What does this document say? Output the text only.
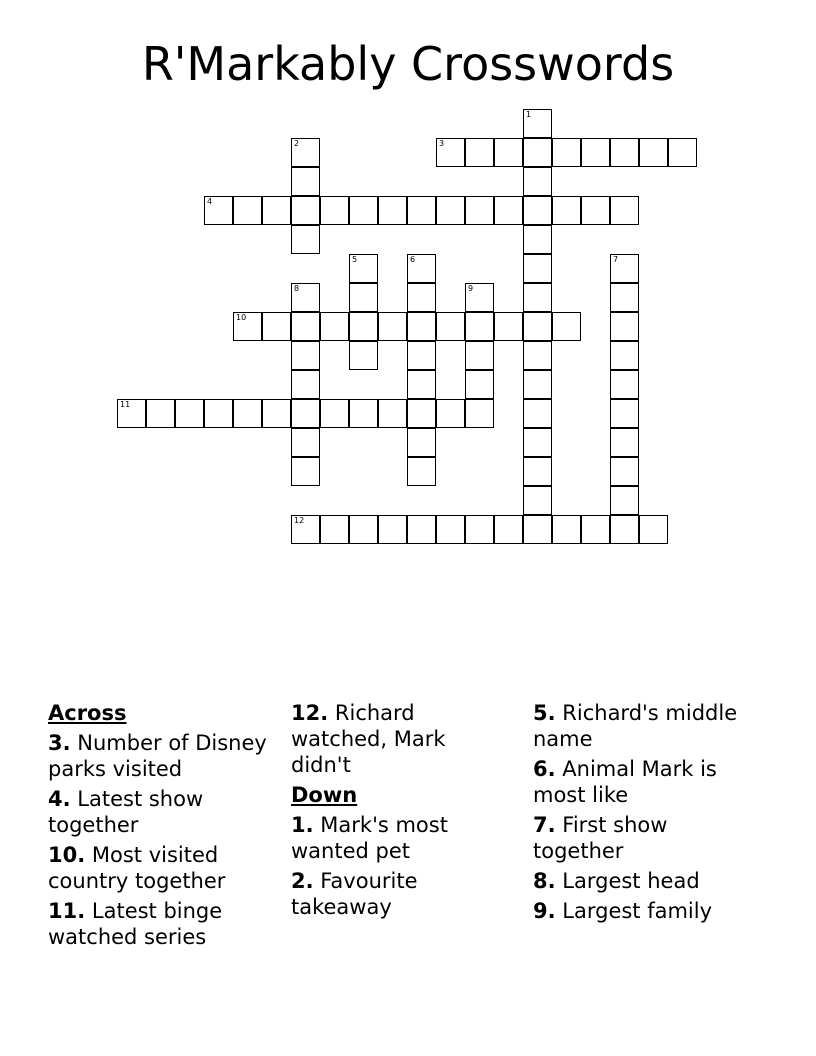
R'Markably Crosswords
1
2	3
4
5	6	7
8	9
10
11
12
Across
3. Number of Disney parks visited
4. Latest show together
10. Most visited country together
11. Latest binge watched series
12. Richard watched, Mark didn't
Down
1. Mark's most wanted pet
2. Favourite takeaway
5. Richard's middle name
6. Animal Mark is most like
7. First show together
8. Largest head
9. Largest family
